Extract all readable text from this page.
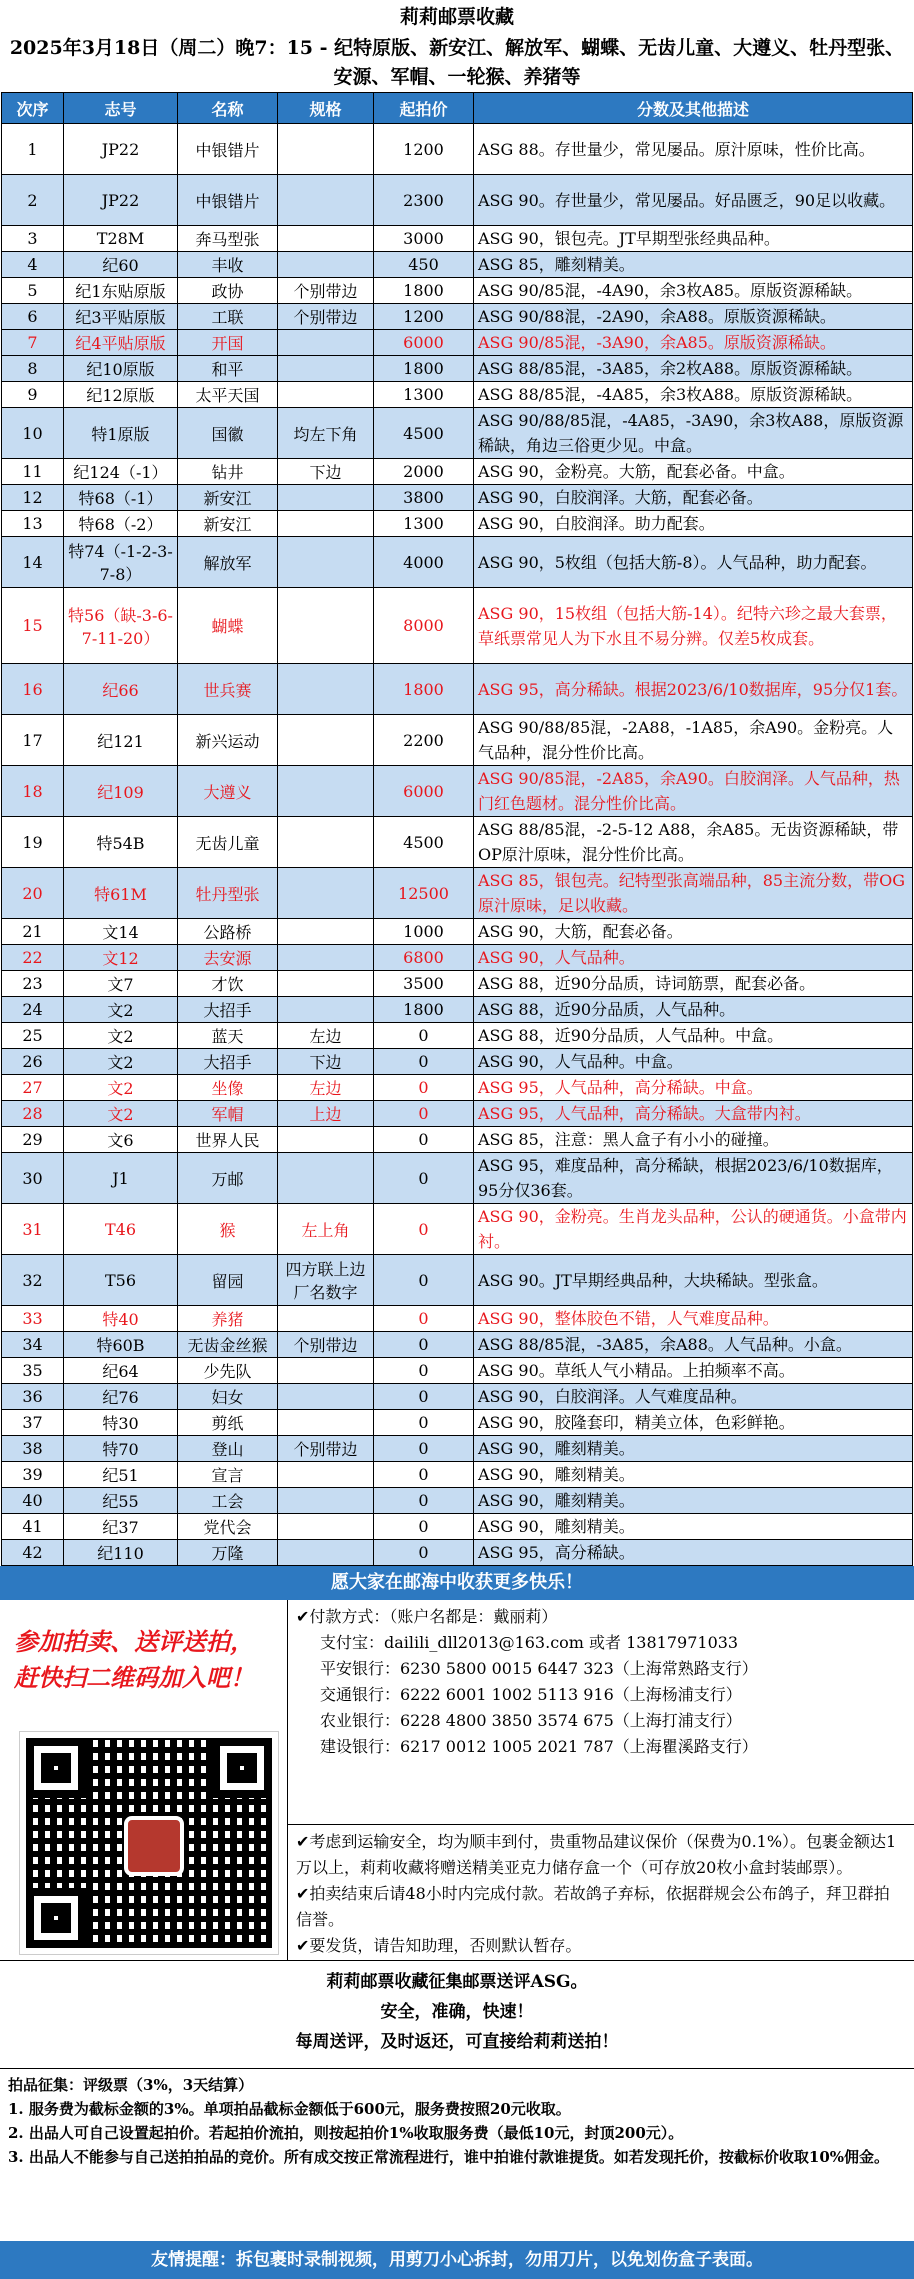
莉莉邮票收藏
2025年3月18日（周二）晚7：15 - 纪特原版、新安江、解放军、蝴蝶、无齿儿童、大遵义、牡丹型张、安源、军帽、一轮猴、养猪等
次序	志号	名称	规格	起拍价	分数及其他描述
1	JP22	中银错片		1200	ASG 88。存世量少，常见屡品。原汁原味，性价比高。
2	JP22	中银错片		2300	ASG 90。存世量少，常见屡品。好品匮乏，90足以收藏。
3	T28M	奔马型张		3000	ASG 90，银包壳。JT早期型张经典品种。
4	纪60	丰收		450	ASG 85，雕刻精美。
5	纪1东贴原版	政协	个别带边	1800	ASG 90/85混，-4A90，余3枚A85。原版资源稀缺。
6	纪3平贴原版	工联	个别带边	1200	ASG 90/88混，-2A90，余A88。原版资源稀缺。
7	纪4平贴原版	开国		6000	ASG 90/85混，-3A90，余A85。原版资源稀缺。
8	纪10原版	和平		1800	ASG 88/85混，-3A85，余2枚A88。原版资源稀缺。
9	纪12原版	太平天国		1300	ASG 88/85混，-4A85，余3枚A88。原版资源稀缺。
10	特1原版	国徽	均左下角	4500	ASG 90/88/85混，-4A85，-3A90，余3枚A88，原版资源稀缺，角边三俗更少见。中盒。
11	纪124（-1）	钻井	下边	2000	ASG 90，金粉亮。大筋，配套必备。中盒。
12	特68（-1）	新安江		3800	ASG 90，白胶润泽。大筋，配套必备。
13	特68（-2）	新安江		1300	ASG 90，白胶润泽。助力配套。
14	特74（-1-2-3-7-8）	解放军		4000	ASG 90，5枚组（包括大筋-8）。人气品种，助力配套。
15	特56（缺-3-6-7-11-20）	蝴蝶		8000	ASG 90，15枚组（包括大筋-14）。纪特六珍之最大套票，草纸票常见人为下水且不易分辨。仅差5枚成套。
16	纪66	世兵赛		1800	ASG 95，高分稀缺。根据2023/6/10数据库，95分仅1套。
17	纪121	新兴运动		2200	ASG 90/88/85混，-2A88，-1A85，余A90。金粉亮。人气品种，混分性价比高。
18	纪109	大遵义		6000	ASG 90/85混，-2A85，余A90。白胶润泽。人气品种，热门红色题材。混分性价比高。
19	特54B	无齿儿童		4500	ASG 88/85混，-2-5-12 A88，余A85。无齿资源稀缺，带OP原汁原味，混分性价比高。
20	特61M	牡丹型张		12500	ASG 85，银包壳。纪特型张高端品种，85主流分数，带OG原汁原味，足以收藏。
21	文14	公路桥		1000	ASG 90，大筋，配套必备。
22	文12	去安源		6800	ASG 90，人气品种。
23	文7	才饮		3500	ASG 88，近90分品质，诗词筋票，配套必备。
24	文2	大招手		1800	ASG 88，近90分品质，人气品种。
25	文2	蓝天	左边	0	ASG 88，近90分品质，人气品种。中盒。
26	文2	大招手	下边	0	ASG 90，人气品种。中盒。
27	文2	坐像	左边	0	ASG 95，人气品种，高分稀缺。中盒。
28	文2	军帽	上边	0	ASG 95，人气品种，高分稀缺。大盒带内衬。
29	文6	世界人民		0	ASG 85，注意：黑人盒子有小小的碰撞。
30	J1	万邮		0	ASG 95，难度品种，高分稀缺，根据2023/6/10数据库，95分仅36套。
31	T46	猴	左上角	0	ASG 90，金粉亮。生肖龙头品种，公认的硬通货。小盒带内衬。
32	T56	留园	四方联上边厂名数字	0	ASG 90。JT早期经典品种，大块稀缺。型张盒。
33	特40	养猪		0	ASG 90，整体胶色不错，人气难度品种。
34	特60B	无齿金丝猴	个别带边	0	ASG 88/85混，-3A85，余A88。人气品种。小盒。
35	纪64	少先队		0	ASG 90。草纸人气小精品。上拍频率不高。
36	纪76	妇女		0	ASG 90，白胶润泽。人气难度品种。
37	特30	剪纸		0	ASG 90，胶隆套印，精美立体，色彩鲜艳。
38	特70	登山	个别带边	0	ASG 90，雕刻精美。
39	纪51	宣言		0	ASG 90，雕刻精美。
40	纪55	工会		0	ASG 90，雕刻精美。
41	纪37	党代会		0	ASG 90，雕刻精美。
42	纪110	万隆		0	ASG 95，高分稀缺。
愿大家在邮海中收获更多快乐！
参加拍卖、送评送拍，赶快扫二维码加入吧！
✔付款方式：（账户名都是：戴丽莉）
支付宝：dailili_dll2013@163.com 或者 13817971033
平安银行：6230 5800 0015 6447 323（上海常熟路支行）
交通银行：6222 6001 1002 5113 916（上海杨浦支行）
农业银行：6228 4800 3850 3574 675（上海打浦支行）
建设银行：6217 0012 1005 2021 787（上海瞿溪路支行）
✔考虑到运输安全，均为顺丰到付，贵重物品建议保价（保费为0.1%）。包裹金额达1万以上，莉莉收藏将赠送精美亚克力储存盒一个（可存放20枚小盒封装邮票）。
✔拍卖结束后请48小时内完成付款。若故鸽子弃标，依据群规会公布鸽子，拜卫群拍信誉。
✔要发货，请告知助理，否则默认暂存。
莉莉邮票收藏征集邮票送评ASG。
安全，准确，快速！
每周送评，及时返还，可直接给莉莉送拍！
拍品征集：评级票（3%，3天结算）
1. 服务费为截标金额的3%。单项拍品截标金额低于600元，服务费按照20元收取。
2. 出品人可自己设置起拍价。若起拍价流拍，则按起拍价1%收取服务费（最低10元，封顶200元）。
3. 出品人不能参与自己送拍拍品的竞价。所有成交按正常流程进行，谁中拍谁付款谁提货。如若发现托价，按截标价收取10%佣金。
友情提醒：拆包裹时录制视频，用剪刀小心拆封，勿用刀片，以免划伤盒子表面。
